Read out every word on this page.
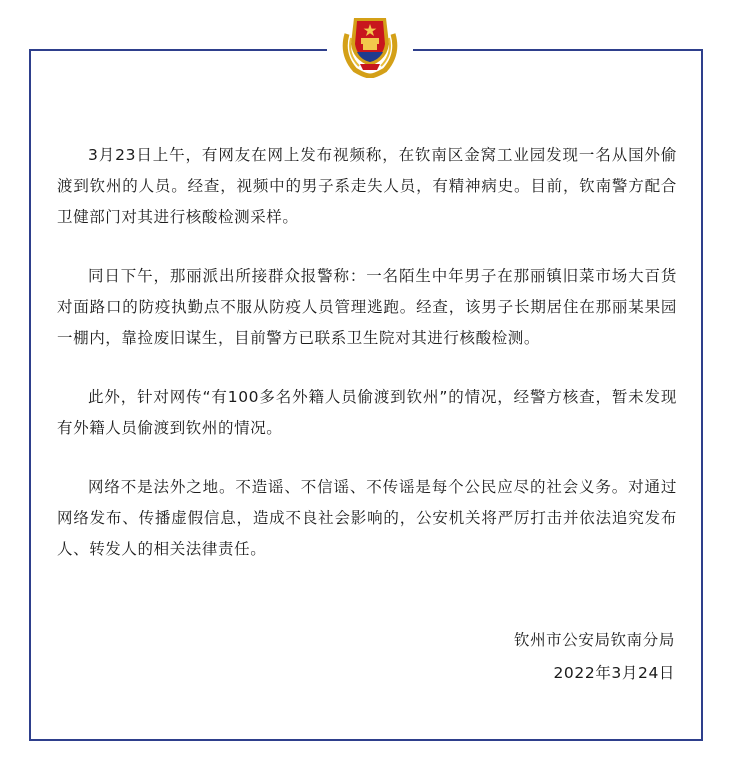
3月23日上午，有网友在网上发布视频称，在钦南区金窝工业园发现一名从国外偷渡到钦州的人员。经查，视频中的男子系走失人员，有精神病史。目前，钦南警方配合卫健部门对其进行核酸检测采样。

同日下午，那丽派出所接群众报警称：一名陌生中年男子在那丽镇旧菜市场大百货对面路口的防疫执勤点不服从防疫人员管理逃跑。经查，该男子长期居住在那丽某果园一棚内，靠捡废旧谋生，目前警方已联系卫生院对其进行核酸检测。

此外，针对网传“有100多名外籍人员偷渡到钦州”的情况，经警方核查，暂未发现有外籍人员偷渡到钦州的情况。

网络不是法外之地。不造谣、不信谣、不传谣是每个公民应尽的社会义务。对通过网络发布、传播虚假信息，造成不良社会影响的，公安机关将严厉打击并依法追究发布人、转发人的相关法律责任。

钦州市公安局钦南分局
2022年3月24日
